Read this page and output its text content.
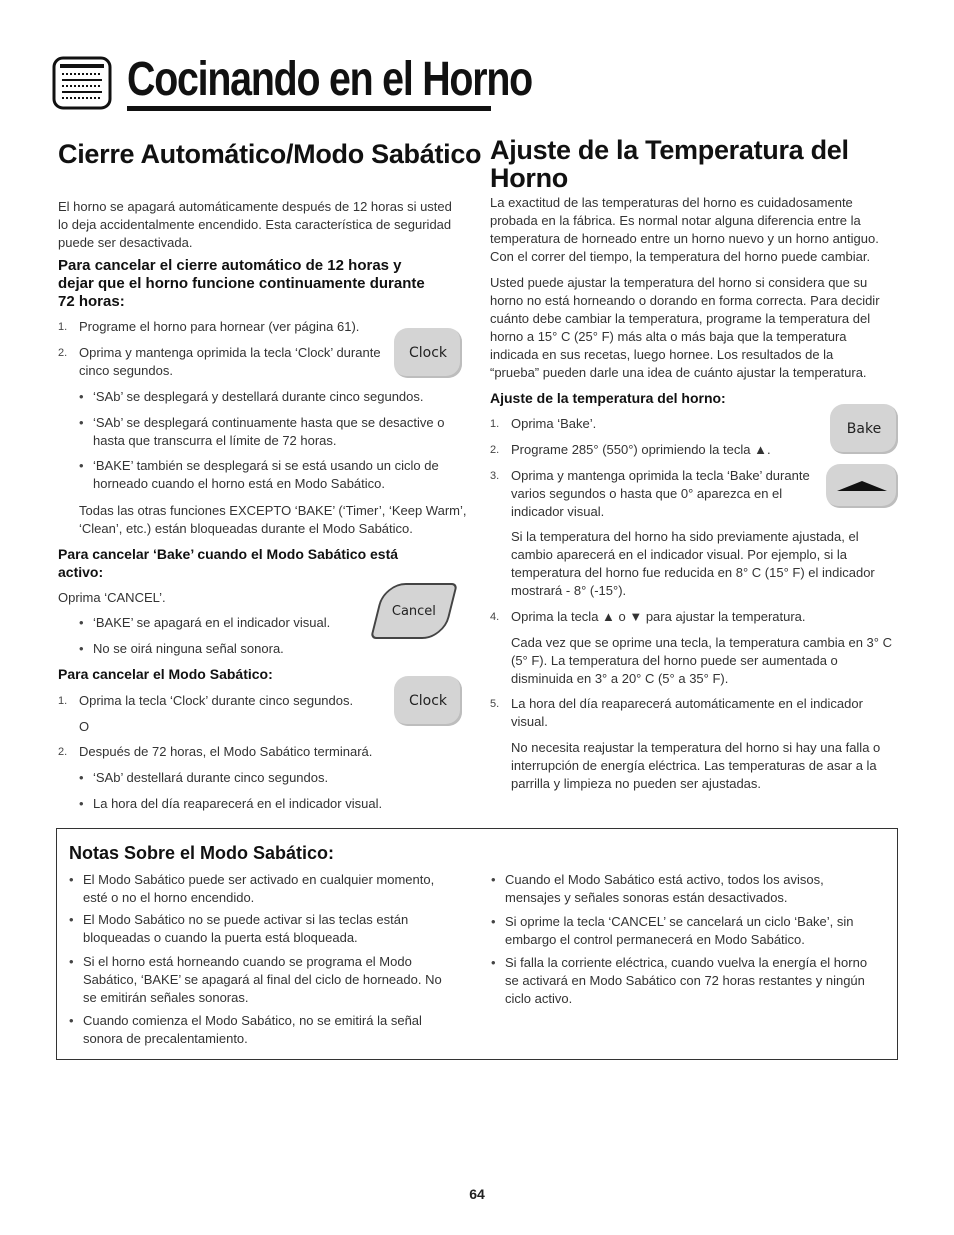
Cocinando en el Horno
Cierre Automático/Modo Sabático
El horno se apagará automáticamente después de 12 horas si usted
lo deja accidentalmente encendido. Esta característica de seguridad
puede ser desactivada.
Para cancelar el cierre automático de 12 horas y
dejar que el horno funcione continuamente durante
72 horas:
1. Programe el horno para hornear (ver página 61).
2. Oprima y mantenga oprimida la tecla ‘Clock’ durante
cinco segundos.
Clock
• ‘SAb’ se desplegará y destellará durante cinco segundos.
• ‘SAb’ se desplegará continuamente hasta que se desactive o
hasta que transcurra el límite de 72 horas.
• ‘BAKE’ también se desplegará si se está usando un ciclo de
horneado cuando el horno está en Modo Sabático.
Todas las otras funciones EXCEPTO ‘BAKE’ (‘Timer’, ‘Keep Warm’,
‘Clean’, etc.) están bloqueadas durante el Modo Sabático.
Para cancelar ‘Bake’ cuando el Modo Sabático está
activo:
Oprima ‘CANCEL’.
Cancel
• ‘BAKE’ se apagará en el indicador visual.
• No se oirá ninguna señal sonora.
Para cancelar el Modo Sabático:
1. Oprima la tecla ‘Clock’ durante cinco segundos.	Clock
O
2. Después de 72 horas, el Modo Sabático terminará.
• ‘SAb’ destellará durante cinco segundos.
• La hora del día reaparecerá en el indicador visual.
Ajuste de la Temperatura del Horno
La exactitud de las temperaturas del horno es cuidadosamente
probada en la fábrica. Es normal notar alguna diferencia entre la
temperatura de horneado entre un horno nuevo y un horno antiguo.
Con el correr del tiempo, la temperatura del horno puede cambiar.
Usted puede ajustar la temperatura del horno si considera que su
horno no está horneando o dorando en forma correcta. Para decidir
cuánto debe cambiar la temperatura, programe la temperatura del
horno a 15° C (25° F) más alta o más baja que la temperatura
indicada en sus recetas, luego hornee. Los resultados de la
“prueba” pueden darle una idea de cuánto ajustar la temperatura.
Ajuste de la temperatura del horno:
1. Oprima ‘Bake’.
2. Programe 285° (550°) oprimiendo la tecla ▲.
3. Oprima y mantenga oprimida la tecla ‘Bake’ durante
varios segundos o hasta que 0° aparezca en el
indicador visual.
Bake
Si la temperatura del horno ha sido previamente ajustada, el
cambio aparecerá en el indicador visual. Por ejemplo, si la
temperatura del horno fue reducida en 8° C (15° F) el indicador
mostrará - 8° (-15°).
4. Oprima la tecla ▲ o ▼ para ajustar la temperatura.
Cada vez que se oprime una tecla, la temperatura cambia en 3° C
(5° F). La temperatura del horno puede ser aumentada o
disminuida en 3° a 20° C (5° a 35° F).
5. La hora del día reaparecerá automáticamente en el indicador
visual.
No necesita reajustar la temperatura del horno si hay una falla o
interrupción de energía eléctrica. Las temperaturas de asar a la
parrilla y limpieza no pueden ser ajustadas.
Notas Sobre el Modo Sabático:
• El Modo Sabático puede ser activado en cualquier momento,
esté o no el horno encendido.
• El Modo Sabático no se puede activar si las teclas están
bloqueadas o cuando la puerta está bloqueada.
• Si el horno está horneando cuando se programa el Modo
Sabático, ‘BAKE’ se apagará al final del ciclo de horneado. No
se emitirán señales sonoras.
• Cuando comienza el Modo Sabático, no se emitirá la señal
sonora de precalentamiento.
• Cuando el Modo Sabático está activo, todos los avisos,
mensajes y señales sonoras están desactivados.
• Si oprime la tecla ‘CANCEL’ se cancelará un ciclo ‘Bake’, sin
embargo el control permanecerá en Modo Sabático.
• Si falla la corriente eléctrica, cuando vuelva la energía el horno
se activará en Modo Sabático con 72 horas restantes y ningún
ciclo activo.
64
